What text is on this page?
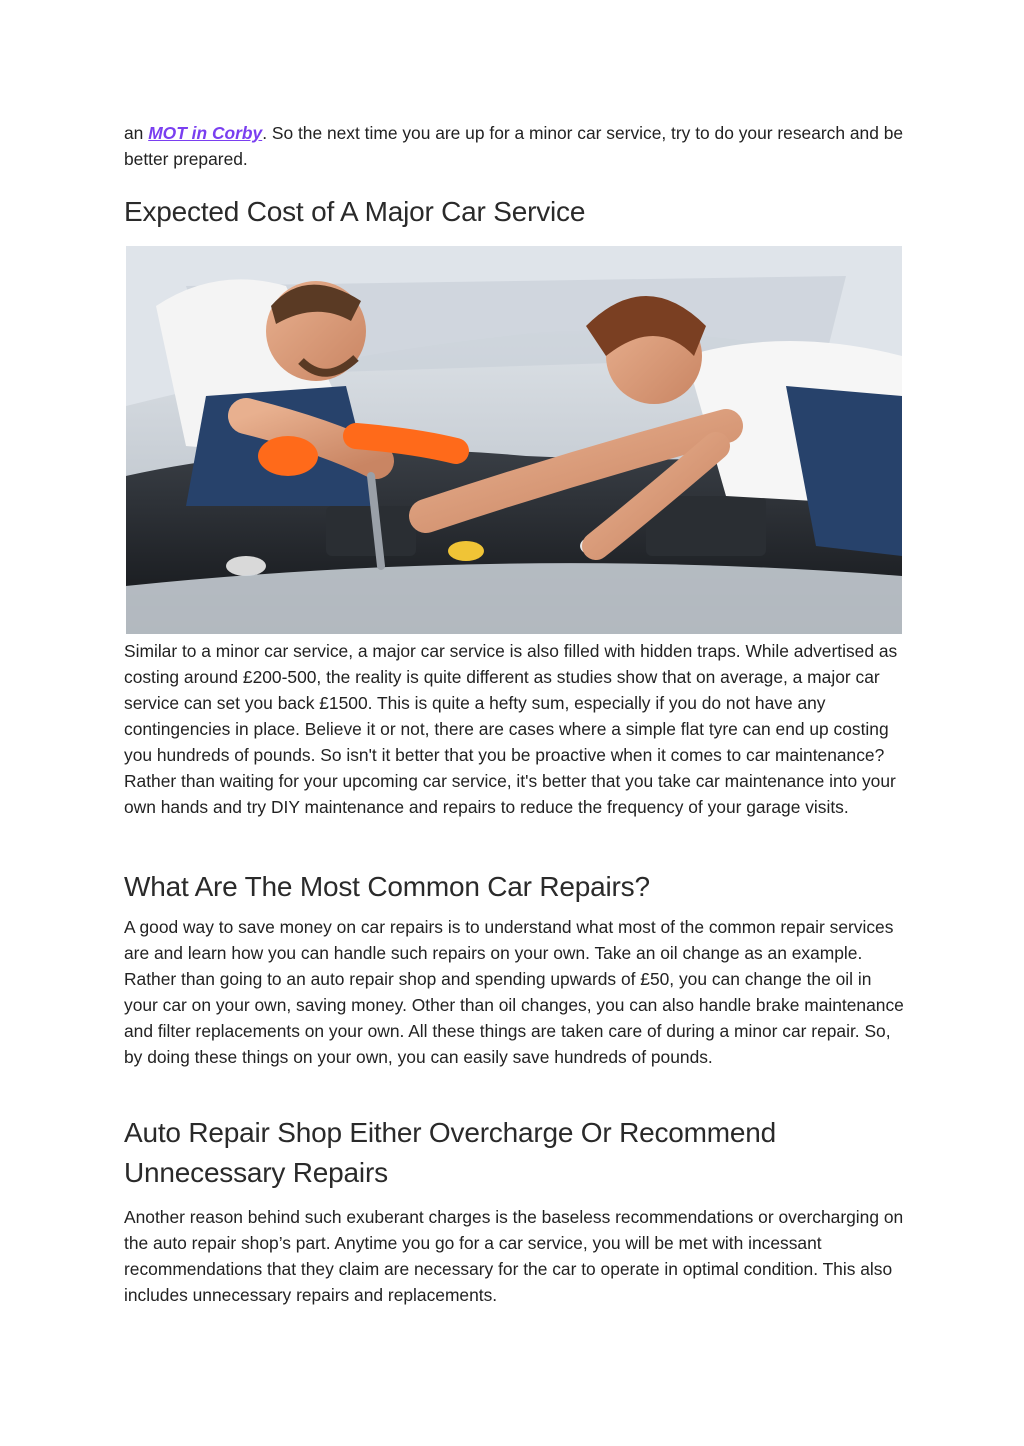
an MOT in Corby. So the next time you are up for a minor car service, try to do your research and be better prepared.

Expected Cost of A Major Car Service

Similar to a minor car service, a major car service is also filled with hidden traps. While advertised as costing around £200-500, the reality is quite different as studies show that on average, a major car service can set you back £1500. This is quite a hefty sum, especially if you do not have any contingencies in place. Believe it or not, there are cases where a simple flat tyre can end up costing you hundreds of pounds. So isn't it better that you be proactive when it comes to car maintenance? Rather than waiting for your upcoming car service, it's better that you take car maintenance into your own hands and try DIY maintenance and repairs to reduce the frequency of your garage visits.

What Are The Most Common Car Repairs?

A good way to save money on car repairs is to understand what most of the common repair services are and learn how you can handle such repairs on your own. Take an oil change as an example. Rather than going to an auto repair shop and spending upwards of £50, you can change the oil in your car on your own, saving money. Other than oil changes, you can also handle brake maintenance and filter replacements on your own. All these things are taken care of during a minor car repair. So, by doing these things on your own, you can easily save hundreds of pounds.

Auto Repair Shop Either Overcharge Or Recommend Unnecessary Repairs

Another reason behind such exuberant charges is the baseless recommendations or overcharging on the auto repair shop’s part. Anytime you go for a car service, you will be met with incessant recommendations that they claim are necessary for the car to operate in optimal condition. This also includes unnecessary repairs and replacements.
